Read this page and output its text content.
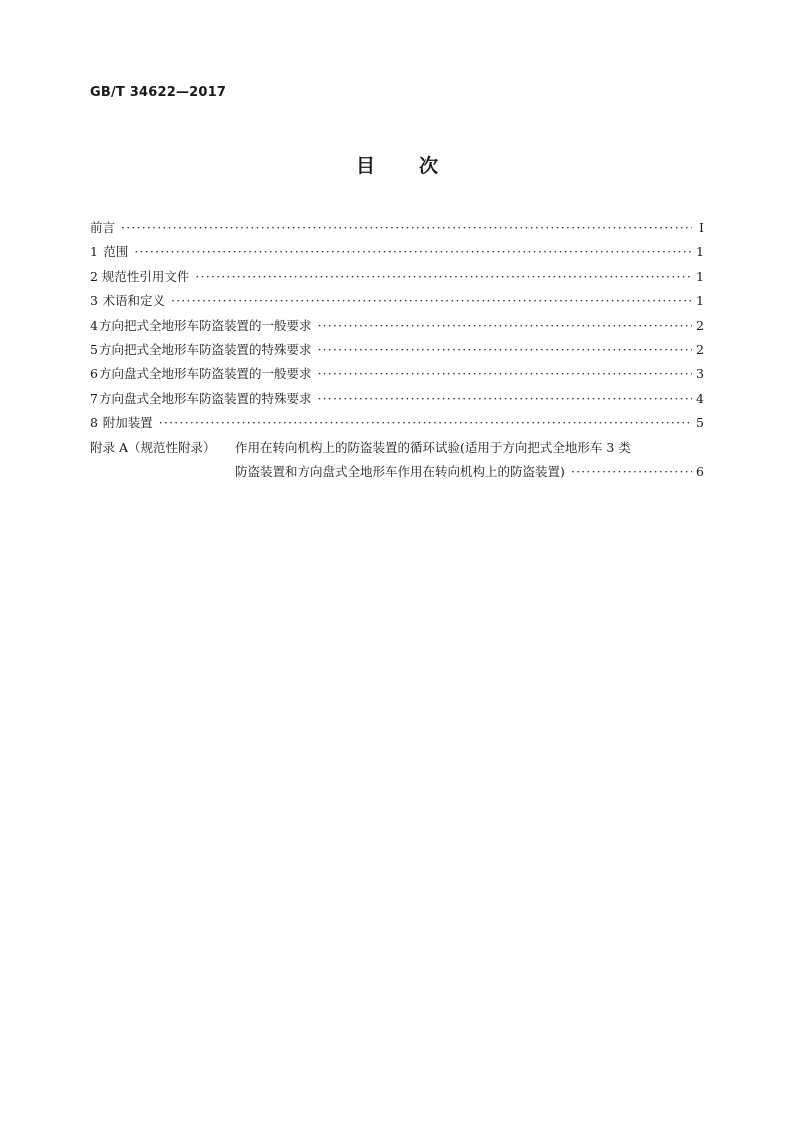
GB/T 34622—2017
目 次
前言 ·····	Ⅰ
1 范围 ·····	1
2 规范性引用文件 ·····	1
3 术语和定义 ·····	1
4 方向把式全地形车防盗装置的一般要求 ·····	2
5 方向把式全地形车防盗装置的特殊要求 ·····	2
6 方向盘式全地形车防盗装置的一般要求 ·····	3
7 方向盘式全地形车防盗装置的特殊要求 ·····	4
8 附加装置 ·····	5
附录 A（规范性附录）	作用在转向机构上的防盗装置的循环试验(适用于方向把式全地形车 3 类
防盗装置和方向盘式全地形车作用在转向机构上的防盗装置) ·····	6
